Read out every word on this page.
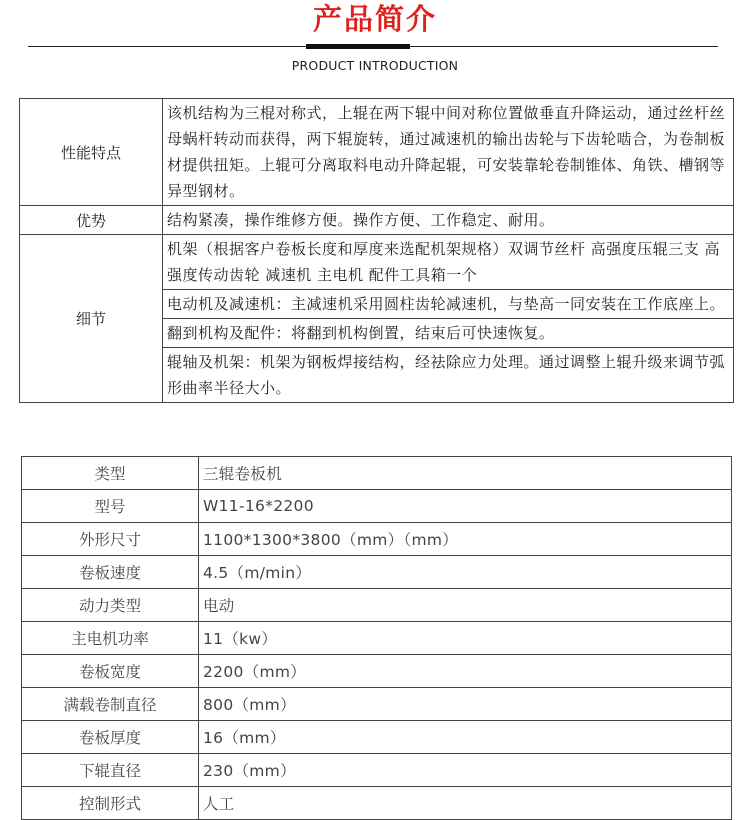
产品简介
PRODUCT INTRODUCTION
性能特点	该机结构为三棍对称式，上辊在两下辊中间对称位置做垂直升降运动，通过丝杆丝母蜗杆转动而获得，两下辊旋转，通过减速机的输出齿轮与下齿轮啮合，为卷制板材提供扭矩。上辊可分离取料电动升降起辊，可安装靠轮卷制锥体、角铁、槽钢等异型钢材。
优势	结构紧凑，操作维修方便。操作方便、工作稳定、耐用。
细节	机架（根据客户卷板长度和厚度来选配机架规格）双调节丝杆 高强度压辊三支 高强度传动齿轮 减速机 主电机 配件工具箱一个
	电动机及减速机：主减速机采用圆柱齿轮减速机，与垫高一同安装在工作底座上。
	翻到机构及配件：将翻到机构倒置，结束后可快速恢复。
	辊轴及机架：机架为钢板焊接结构，经祛除应力处理。通过调整上辊升级来调节弧形曲率半径大小。
类型	三辊卷板机
型号	W11-16*2200
外形尺寸	1100*1300*3800（mm）（mm）
卷板速度	4.5（m/min）
动力类型	电动
主电机功率	11（kw）
卷板宽度	2200（mm）
满载卷制直径	800（mm）
卷板厚度	16（mm）
下辊直径	230（mm）
控制形式	人工
